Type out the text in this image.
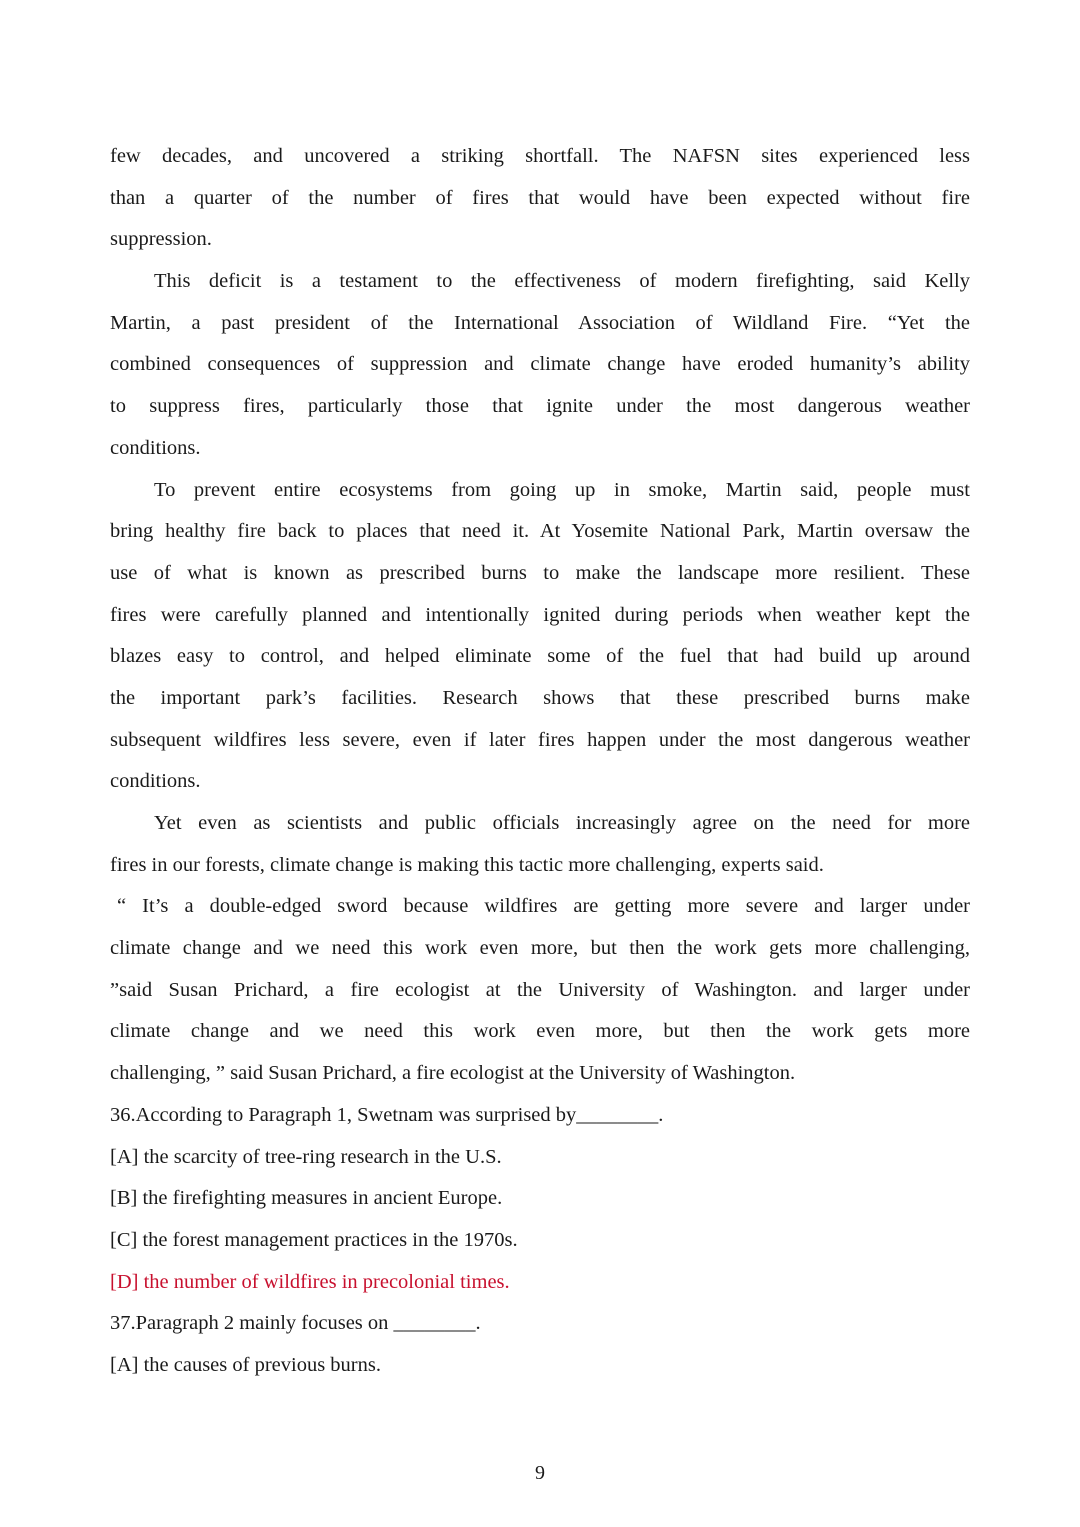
few decades, and uncovered a striking shortfall. The NAFSN sites experienced less
than a quarter of the number of fires that would have been expected without fire
suppression.
This deficit is a testament to the effectiveness of modern firefighting, said Kelly
Martin, a past president of the International Association of Wildland Fire. “Yet the
combined consequences of suppression and climate change have eroded humanity’s ability
to suppress fires, particularly those that ignite under the most dangerous weather
conditions.
To prevent entire ecosystems from going up in smoke, Martin said, people must
bring healthy fire back to places that need it. At Yosemite National Park, Martin oversaw the
use of what is known as prescribed burns to make the landscape more resilient. These
fires were carefully planned and intentionally ignited during periods when weather kept the
blazes easy to control, and helped eliminate some of the fuel that had build up around
the important park’s facilities. Research shows that these prescribed burns make
subsequent wildfires less severe, even if later fires happen under the most dangerous weather
conditions.
Yet even as scientists and public officials increasingly agree on the need for more
fires in our forests, climate change is making this tactic more challenging, experts said.
“ It’s a double-edged sword because wildfires are getting more severe and larger under
climate change and we need this work even more, but then the work gets more challenging,
”said Susan Prichard, a fire ecologist at the University of Washington. and larger under
climate change and we need this work even more, but then the work gets more
challenging, ” said Susan Prichard, a fire ecologist at the University of Washington.
36.According to Paragraph 1, Swetnam was surprised by________.
[A] the scarcity of tree-ring research in the U.S.
[B] the firefighting measures in ancient Europe.
[C] the forest management practices in the 1970s.
[D] the number of wildfires in precolonial times.
37.Paragraph 2 mainly focuses on ________.
[A] the causes of previous burns.
9
